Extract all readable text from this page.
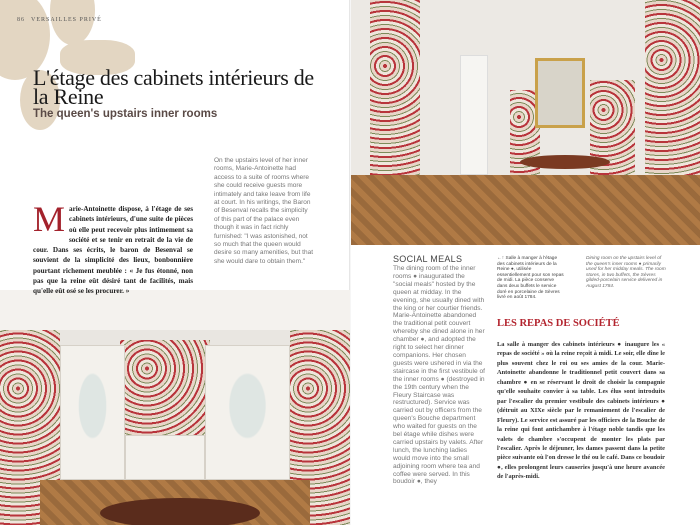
86 VERSAILLES PRIVÉ
L'étage des cabinets intérieurs de la Reine
The queen's upstairs inner rooms
M arie-Antoinette dispose, à l'étage de ses cabinets intérieurs, d'une suite de pièces où elle peut recevoir plus intimement sa société et se tenir en retrait de la vie de cour. Dans ses écrits, le baron de Besenval se souvient de la simplicité des lieux, bonbonnière pourtant richement meublée : « Je fus étonné, non pas que la reine eût désiré tant de facilités, mais qu'elle eût osé se les procurer. »
On the upstairs level of her inner rooms, Marie-Antoinette had access to a suite of rooms where she could receive guests more intimately and take leave from life at court. In his writings, the Baron of Besenval recalls the simplicity of this part of the palace even though it was in fact richly furnished: "I was astonished, not so much that the queen would desire so many amenities, but that she would dare to obtain them."	SOCIAL MEALS
The dining room of the inner rooms ● inaugurated the "social meals" hosted by the queen at midday. In the evening, she usually dined with the king or her courtier friends. Marie-Antoinette abandoned the traditional petit couvert whereby she dined alone in her chamber ●, and adopted the right to select her dinner companions. Her chosen guests were ushered in via the staircase in the first vestibule of the inner rooms ● (destroyed in the 19th century when the Fleury Staircase was restructured). Service was carried out by officers from the queen's Bouche department who waited for guests on the bel étage while dishes were carried upstairs by valets. After lunch, the lunching ladies would move into the small adjoining room where tea and coffee were served. In this boudoir ●, they
←↑ Salle à manger à l'étage des cabinets intérieurs de la Reine ●, utilisée essentiellement pour son repas de midi. La pièce conserve dans deux buffets le service doré en porcelaine de Sèvres livré en août 1784.
Dining room on the upstairs level of the queen's inner rooms ● primarily used for her midday meals. The room stores, in two buffets, the Sèvres gilded-porcelain service delivered in August 1784.
LES REPAS DE SOCIÉTÉ
La salle à manger des cabinets intérieurs ● inaugure les « repas de société » où la reine reçoit à midi. Le soir, elle dîne le plus souvent chez le roi ou ses amies de la cour. Marie-Antoinette abandonne le traditionnel petit couvert dans sa chambre ● en se réservant le droit de choisir la compagnie qu'elle souhaite convier à sa table. Les élus sont introduits par l'escalier du premier vestibule des cabinets intérieurs ● (détruit au XIXe siècle par le remaniement de l'escalier de Fleury). Le service est assuré par les officiers de la Bouche de la reine qui font antichambre à l'étage noble tandis que les valets de chambre s'occupent de monter les plats par l'escalier. Après le déjeuner, les dames passent dans la petite pièce suivante où l'on dresse le thé ou le café. Dans ce boudoir ●, elles prolongent leurs causeries jusqu'à une heure avancée de l'après-midi.
